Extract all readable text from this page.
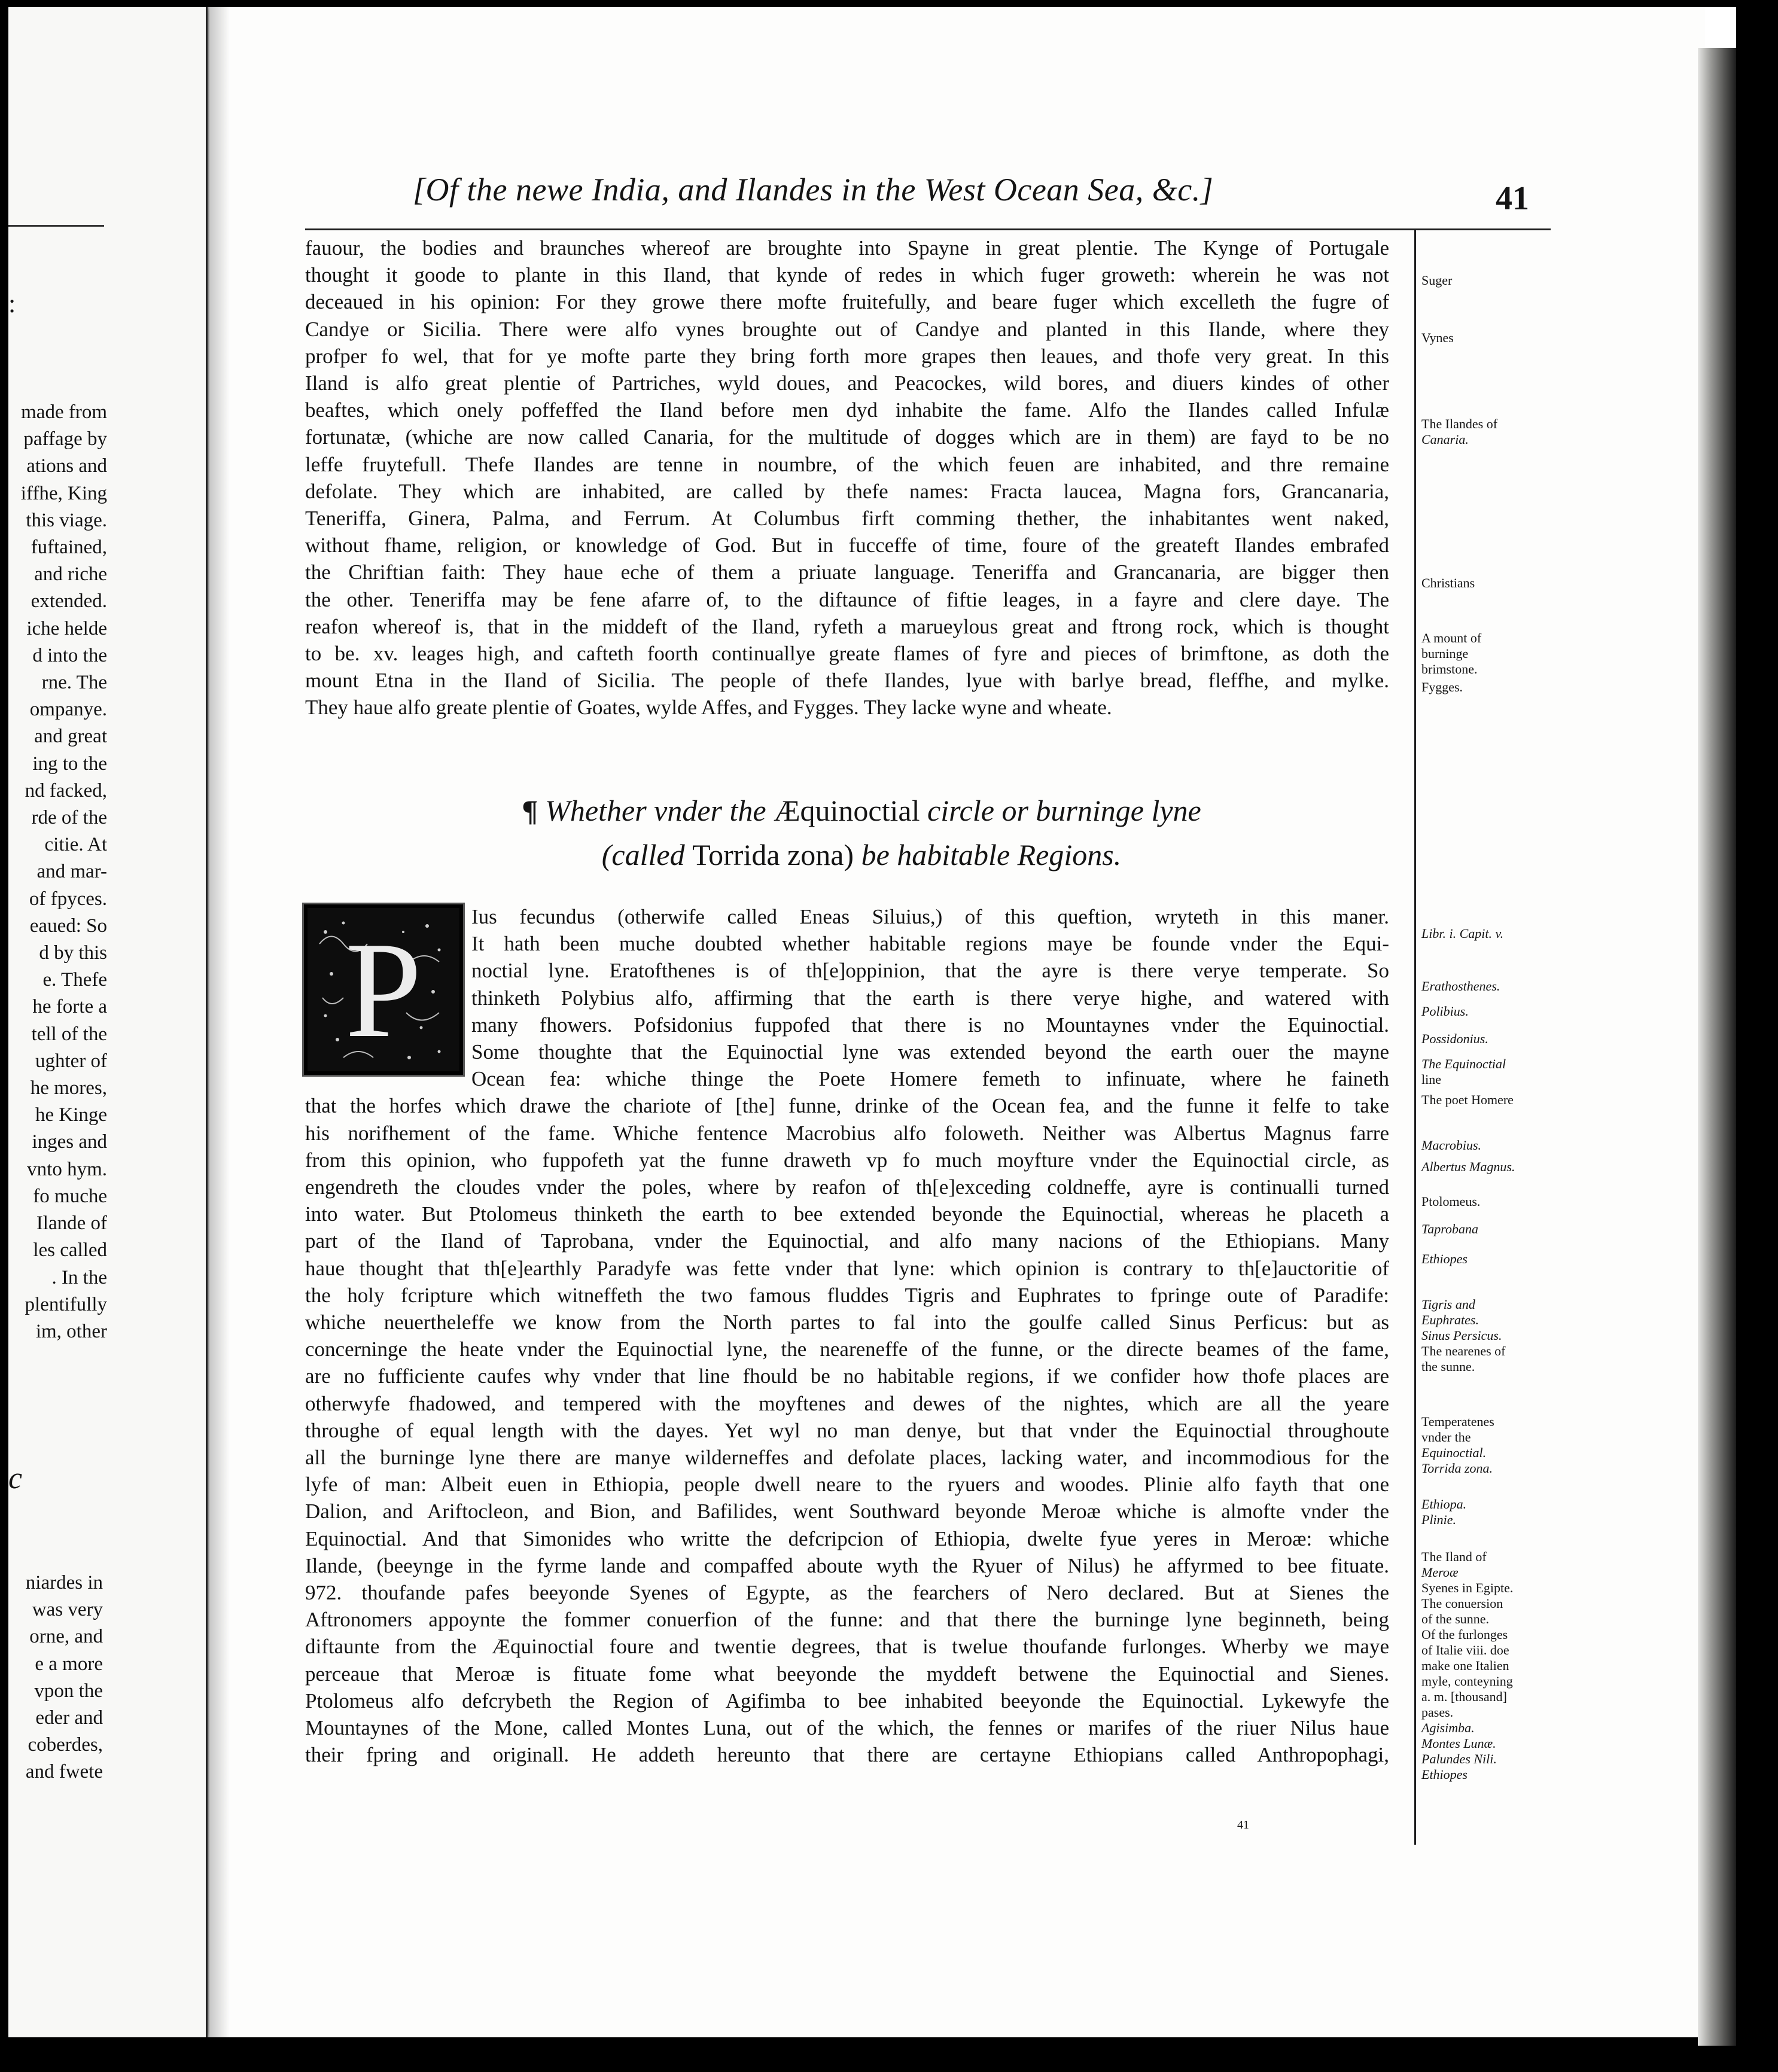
:
made from
paffage by
ations and
iffhe, King
this viage.
fuftained,
and riche
extended.
iche helde
d into the
rne. The
ompanye.
and great
ing to the
nd facked,
rde of the
citie. At
and mar-
of fpyces.
eaued: So
d by this
e. Thefe
he forte a
tell of the
ughter of
he mores,
he Kinge
inges and
vnto hym.
fo muche
Ilande of
les called
. In the
plentifully
im, other
c
niardes in
was very
orne, and
e a more
vpon the
eder and
coberdes,
and fwete
[Of the newe India, and Ilandes in the West Ocean Sea, &c.]	41
fauour, the bodies and braunches whereof are broughte into Spayne in great plentie. The Kynge of Portugale
thought it goode to plante in this Iland, that kynde of redes in which fuger groweth: wherein he was not
deceaued in his opinion: For they growe there mofte fruitefully, and beare fuger which excelleth the fugre of
Candye or Sicilia. There were alfo vynes broughte out of Candye and planted in this Ilande, where they
profper fo wel, that for ye mofte parte they bring forth more grapes then leaues, and thofe very great. In this
Iland is alfo great plentie of Partriches, wyld doues, and Peacockes, wild bores, and diuers kindes of other
beaftes, which onely poffeffed the Iland before men dyd inhabite the fame. Alfo the Ilandes called Infulæ
fortunatæ, (whiche are now called Canaria, for the multitude of dogges which are in them) are fayd to be no
leffe fruytefull. Thefe Ilandes are tenne in noumbre, of the which feuen are inhabited, and thre remaine
defolate. They which are inhabited, are called by thefe names: Fracta laucea, Magna fors, Grancanaria,
Teneriffa, Ginera, Palma, and Ferrum. At Columbus firft comming thether, the inhabitantes went naked,
without fhame, religion, or knowledge of God. But in fucceffe of time, foure of the greateft Ilandes embrafed
the Chriftian faith: They haue eche of them a priuate language. Teneriffa and Grancanaria, are bigger then
the other. Teneriffa may be fene afarre of, to the diftaunce of fiftie leages, in a fayre and clere daye. The
reafon whereof is, that in the middeft of the Iland, ryfeth a marueylous great and ftrong rock, which is thought
to be. xv. leages high, and cafteth foorth continuallye greate flames of fyre and pieces of brimftone, as doth the
mount Etna in the Iland of Sicilia. The people of thefe Ilandes, lyue with barlye bread, fleffhe, and mylke.
They haue alfo greate plentie of Goates, wylde Affes, and Fygges. They lacke wyne and wheate.
¶ Whether vnder the Æquinoctial circle or burninge lyne
(called Torrida zona) be habitable Regions.
P	Ius fecundus (otherwife called Eneas Siluius,) of this queftion, wryteth in this maner.
It hath been muche doubted whether habitable regions maye be founde vnder the Equi-
noctial lyne. Eratofthenes is of th[e]oppinion, that the ayre is there verye temperate. So
thinketh Polybius alfo, affirming that the earth is there verye highe, and watered with
many fhowers. Pofsidonius fuppofed that there is no Mountaynes vnder the Equinoctial.
Some thoughte that the Equinoctial lyne was extended beyond the earth ouer the mayne
Ocean fea: whiche thinge the Poete Homere femeth to infinuate, where he faineth
that the horfes which drawe the chariote of [the] funne, drinke of the Ocean fea, and the funne it felfe to take
his norifhement of the fame. Whiche fentence Macrobius alfo foloweth. Neither was Albertus Magnus farre
from this opinion, who fuppofeth yat the funne draweth vp fo much moyfture vnder the Equinoctial circle, as
engendreth the cloudes vnder the poles, where by reafon of th[e]exceding coldneffe, ayre is continualli turned
into water. But Ptolomeus thinketh the earth to bee extended beyonde the Equinoctial, whereas he placeth a
part of the Iland of Taprobana, vnder the Equinoctial, and alfo many nacions of the Ethiopians. Many
haue thought that th[e]earthly Paradyfe was fette vnder that lyne: which opinion is contrary to th[e]auctoritie of
the holy fcripture which witneffeth the two famous fluddes Tigris and Euphrates to fpringe oute of Paradife:
whiche neuertheleffe we know from the North partes to fal into the goulfe called Sinus Perficus: but as
concerninge the heate vnder the Equinoctial lyne, the neareneffe of the funne, or the directe beames of the fame,
are no fufficiente caufes why vnder that line fhould be no habitable regions, if we confider how thofe places are
otherwyfe fhadowed, and tempered with the moyftenes and dewes of the nightes, which are all the yeare
throughe of equal length with the dayes. Yet wyl no man denye, but that vnder the Equinoctial throughoute
all the burninge lyne there are manye wilderneffes and defolate places, lacking water, and incommodious for the
lyfe of man: Albeit euen in Ethiopia, people dwell neare to the ryuers and woodes. Plinie alfo fayth that one
Dalion, and Ariftocleon, and Bion, and Bafilides, went Southward beyonde Meroæ whiche is almofte vnder the
Equinoctial. And that Simonides who writte the defcripcion of Ethiopia, dwelte fyue yeres in Meroæ: whiche
Ilande, (beeynge in the fyrme lande and compaffed aboute wyth the Ryuer of Nilus) he affyrmed to bee fituate.
972. thoufande pafes beeyonde Syenes of Egypte, as the fearchers of Nero declared. But at Sienes the
Aftronomers appoynte the fommer conuerfion of the funne: and that there the burninge lyne beginneth, being
diftaunte from the Æquinoctial foure and twentie degrees, that is twelue thoufande furlonges. Wherby we maye
perceaue that Meroæ is fituate fome what beeyonde the myddeft betwene the Equinoctial and Sienes.
Ptolomeus alfo defcrybeth the Region of Agifimba to bee inhabited beeyonde the Equinoctial. Lykewyfe the
Mountaynes of the Mone, called Montes Luna, out of the which, the fennes or marifes of the riuer Nilus haue
their fpring and originall. He addeth hereunto that there are certayne Ethiopians called Anthropophagi,
41
Suger
Vynes
The Ilandes of
Canaria.
Christians
A mount of
burninge
brimstone.
Fygges.
Libr. i. Capit. v.
Erathosthenes.
Polibius.
Possidonius.
The Equinoctial
line
The poet Homere
Macrobius.
Albertus Magnus.
Ptolomeus.
Taprobana
Ethiopes
Tigris and
Euphrates.
Sinus Persicus.
The nearenes of
the sunne.
Temperatenes
vnder the
Equinoctial.
Torrida zona.
Ethiopa.
Plinie.
The Iland of
Meroæ
Syenes in Egipte.
The conuersion
of the sunne.
Of the furlonges
of Italie viii. doe
make one Italien
myle, conteyning
a. m. [thousand]
pases.
Agisimba.
Montes Lunæ.
Palundes Nili.
Ethiopes
